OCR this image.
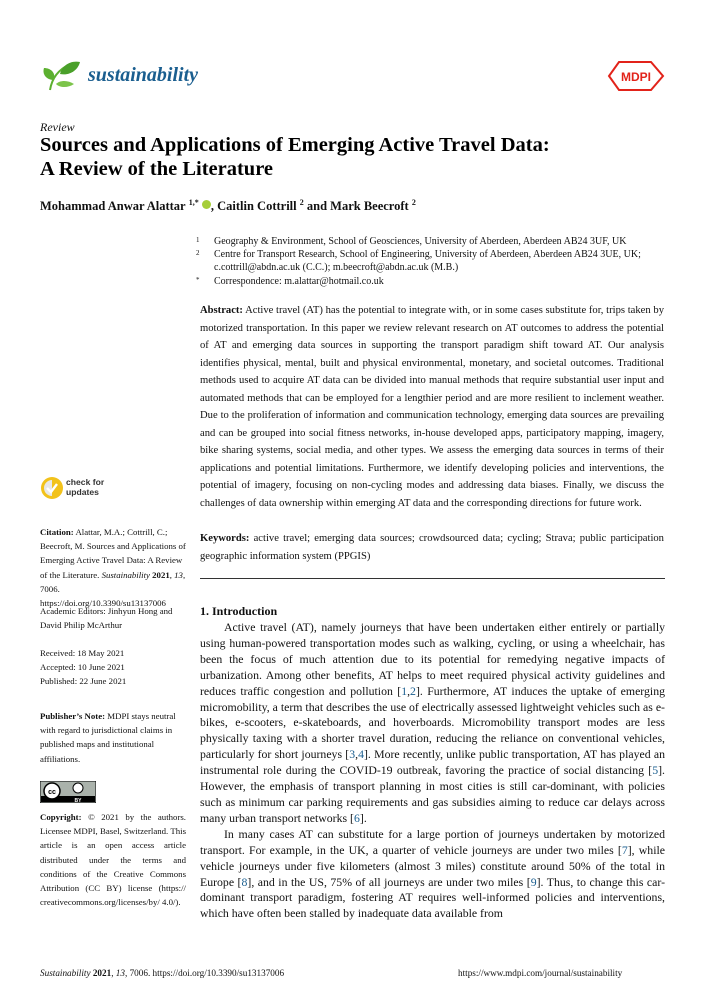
sustainability	MDPI
Review
Sources and Applications of Emerging Active Travel Data:
A Review of the Literature
Mohammad Anwar Alattar $^{1,*}$ , Caitlin Cottrill $^2$ and Mark Beecroft $^2$
1 Geography & Environment, School of Geosciences, University of Aberdeen, Aberdeen AB24 3UF, UK
2 Centre for Transport Research, School of Engineering, University of Aberdeen, Aberdeen AB24 3UE, UK;
c.cottrill@abdn.ac.uk (C.C.); m.beecroft@abdn.ac.uk (M.B.)
* Correspondence: m.alattar@hotmail.co.uk
Abstract: Active travel (AT) has the potential to integrate with, or in some cases substitute for, trips taken by motorized transportation. In this paper we review relevant research on AT outcomes to address the potential of AT and emerging data sources in supporting the transport paradigm shift toward AT. Our analysis identifies physical, mental, built and physical environmental, monetary, and societal outcomes. Traditional methods used to acquire AT data can be divided into manual methods that require substantial user input and automated methods that can be employed for a lengthier period and are more resilient to inclement weather. Due to the proliferation of information and communication technology, emerging data sources are prevailing and can be grouped into social fitness networks, in-house developed apps, participatory mapping, imagery, bike sharing systems, social media, and other types. We assess the emerging data sources in terms of their applications and potential limitations. Furthermore, we identify developing policies and interventions, the potential of imagery, focusing on non-cycling modes and addressing data biases. Finally, we discuss the challenges of data ownership within emerging AT data and the corresponding directions for future work.
Keywords: active travel; emerging data sources; crowdsourced data; cycling; Strava; public participation geographic information system (PPGIS)
1. Introduction

Active travel (AT), namely journeys that have been undertaken either entirely or partially using human-powered transportation modes such as walking, cycling, or using a wheelchair, has been the focus of much attention due to its potential for remedying negative impacts of urbanization. Among other benefits, AT helps to meet required physical activity guidelines and reduces traffic congestion and pollution [1,2]. Furthermore, AT induces the uptake of emerging micromobility, a term that describes the use of electrically assessed lightweight vehicles such as e-bikes, e-scooters, e-skateboards, and hoverboards. Micromobility transport modes are less physically taxing with a shorter travel duration, reducing the reliance on conventional vehicles, particularly for short journeys [3,4]. More recently, unlike public transportation, AT has played an instrumental role during the COVID-19 outbreak, favoring the practice of social distancing [5]. However, the emphasis of transport planning in most cities is still car-dominant, with policies such as minimum car parking requirements and gas subsidies aiming to reduce car delays across many urban transport networks [6].

In many cases AT can substitute for a large portion of journeys undertaken by motorized transport. For example, in the UK, a quarter of vehicle journeys are under two miles [7], while vehicle journeys under five kilometers (almost 3 miles) constitute around 50% of the total in Europe [8], and in the US, 75% of all journeys are under two miles [9]. Thus, to change this car-dominant transport paradigm, fostering AT requires well-informed policies and interventions, which have often been stalled by inadequate data available from

check for
updates
Citation: Alattar, M.A.; Cottrill, C.; Beecroft, M. Sources and Applications of Emerging Active Travel Data: A Review of the Literature. Sustainability 2021, 13, 7006. https://doi.org/10.3390/su13137006
Academic Editors: Jinhyun Hong and David Philip McArthur
Received: 18 May 2021
Accepted: 10 June 2021
Published: 22 June 2021
Publisher’s Note: MDPI stays neutral with regard to jurisdictional claims in published maps and institutional affiliations.
cc
BY
Copyright: © 2021 by the authors. Licensee MDPI, Basel, Switzerland. This article is an open access article distributed under the terms and conditions of the Creative Commons Attribution (CC BY) license (https:// creativecommons.org/licenses/by/ 4.0/).
Sustainability 2021, 13, 7006. https://doi.org/10.3390/su13137006	https://www.mdpi.com/journal/sustainability
